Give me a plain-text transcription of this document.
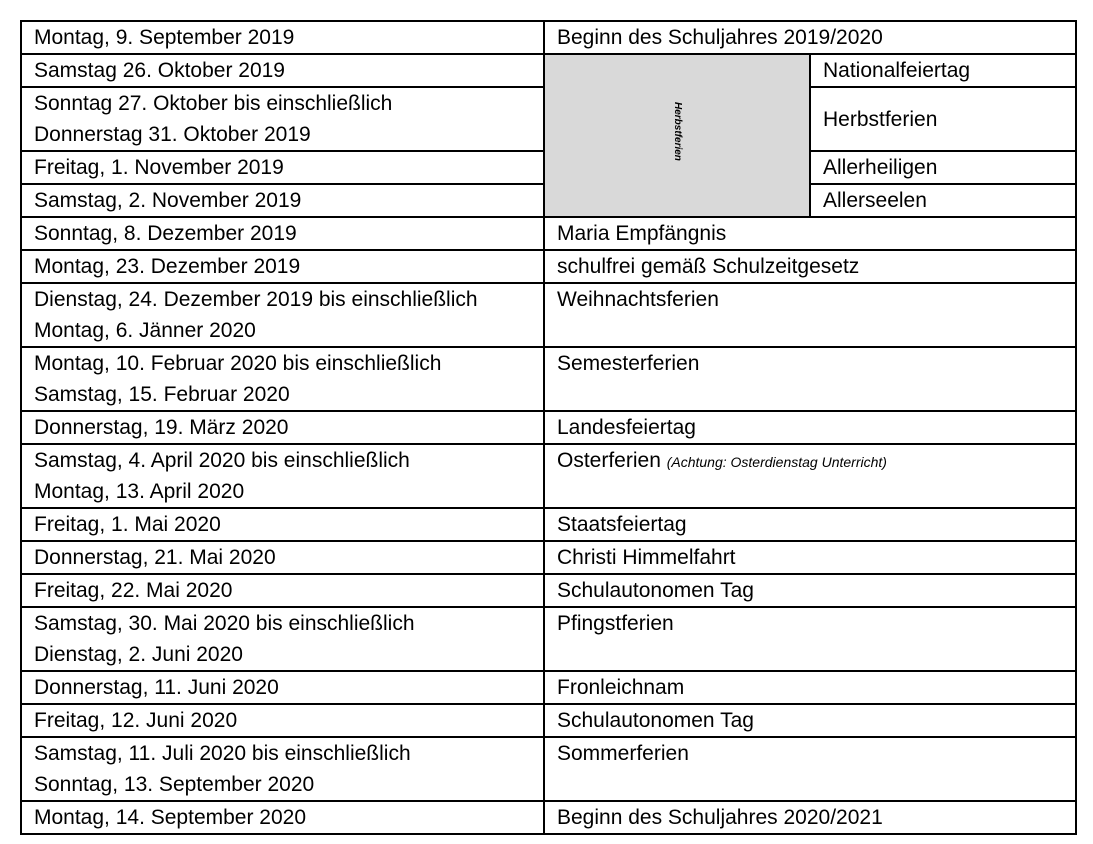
Montag, 9. September 2019	Beginn des Schuljahres 2019/2020	

Samstag 26. Oktober 2019	Herbstferien	Nationalfeiertag

Sonntag 27. Oktober bis einschließlich
Donnerstag 31. Oktober 2019		Herbstferien

Freitag, 1. November 2019		Allerheiligen

Samstag, 2. November 2019		Allerseelen

Sonntag, 8. Dezember 2019	Maria Empfängnis	

Montag, 23. Dezember 2019	schulfrei gemäß Schulzeitgesetz	

Dienstag, 24. Dezember 2019 bis einschließlich
Montag, 6. Jänner 2020	Weihnachtsferien	

Montag, 10. Februar 2020 bis einschließlich
Samstag, 15. Februar 2020	Semesterferien	

Donnerstag, 19. März 2020	Landesfeiertag	

Samstag, 4. April 2020 bis einschließlich
Montag, 13. April 2020	Osterferien (Achtung: Osterdienstag Unterricht)	

Freitag, 1. Mai 2020	Staatsfeiertag	

Donnerstag, 21. Mai 2020	Christi Himmelfahrt	

Freitag, 22. Mai 2020	Schulautonomen Tag	

Samstag, 30. Mai 2020 bis einschließlich
Dienstag, 2. Juni 2020	Pfingstferien	

Donnerstag, 11. Juni 2020	Fronleichnam	

Freitag, 12. Juni 2020	Schulautonomen Tag	

Samstag, 11. Juli 2020 bis einschließlich
Sonntag, 13. September 2020	Sommerferien	

Montag, 14. September 2020	Beginn des Schuljahres 2020/2021	
